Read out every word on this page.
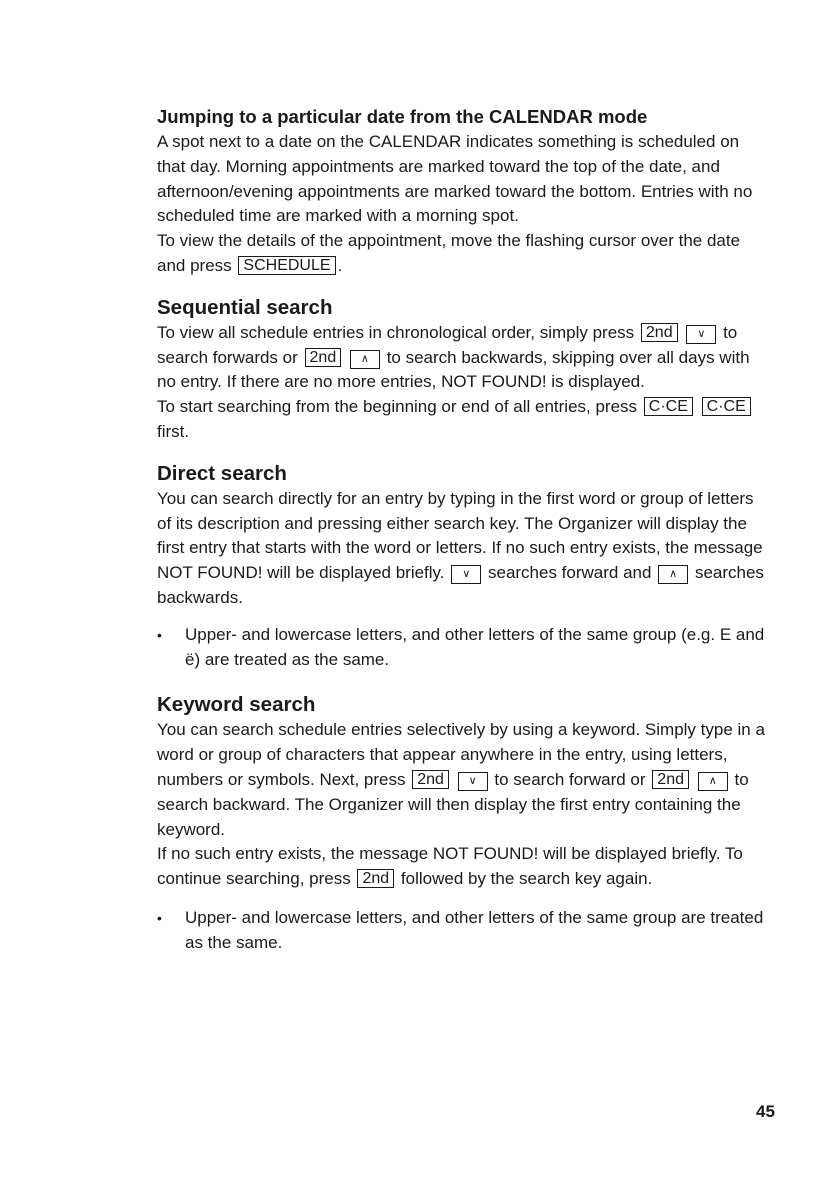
Jumping to a particular date from the CALENDAR mode

A spot next to a date on the CALENDAR indicates something is scheduled on that day. Morning appointments are marked toward the top of the date, and afternoon/evening appointments are marked toward the bottom. Entries with no scheduled time are marked with a morning spot.

To view the details of the appointment, move the flashing cursor over the date and press SCHEDULE .

Sequential search

To view all schedule entries in chronological order, simply press 2nd ∨ to search forwards or 2nd ∧ to search backwards, skipping over all days with no entry. If there are no more entries, NOT FOUND! is displayed.

To start searching from the beginning or end of all entries, press C·CE C·CE first.

Direct search

You can search directly for an entry by typing in the first word or group of letters of its description and pressing either search key. The Organizer will display the first entry that starts with the word or letters. If no such entry exists, the message NOT FOUND! will be displayed briefly. ∨ searches forward and ∧ searches backwards.

• Upper- and lowercase letters, and other letters of the same group (e.g. E and ë) are treated as the same.
Keyword search

You can search schedule entries selectively by using a keyword. Simply type in a word or group of characters that appear anywhere in the entry, using letters, numbers or symbols. Next, press 2nd ∨ to search forward or 2nd ∧ to search backward. The Organizer will then display the first entry containing the keyword.

If no such entry exists, the message NOT FOUND! will be displayed briefly. To continue searching, press 2nd followed by the search key again.

• Upper- and lowercase letters, and other letters of the same group are treated as the same.
45
